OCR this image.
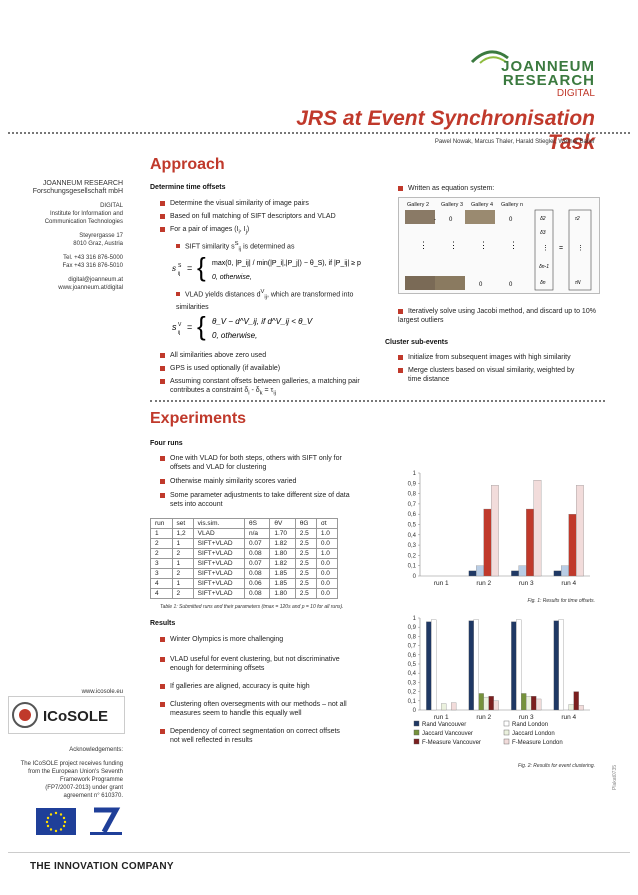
JOANNEUM
RESEARCH
DIGITAL
JRS at Event Synchronisation Task
Pawel Nowak, Marcus Thaler, Harald Stiegler, Werner Bailer
JOANNEUM RESEARCH
Forschungsgesellschaft mbH
DIGITAL
Institute for Information and
Communication Technologies
Steyrergasse 17
8010 Graz, Austria
Tel. +43 316 876-5000
Fax +43 316 876-5010
digital@joanneum.at
www.joanneum.at/digital
www.icosole.eu
ICoSOLE
Acknowledgements:
The ICoSOLE project receives funding
from the European Union's Seventh
Framework Programme
(FP7/2007-2013) under grant
agreement n° 610370.
Approach
Determine time offsets
Determine the visual similarity of image pairs
Based on full matching of SIFT descriptors and VLAD
For a pair of images ($I_i$, $I_j$)
SIFT similarity $s^S_{ij}$ is determined as
s S
ij
= { max(0, |P_ij| / min(|P_i|,|P_j|) − θ_S), if |P_ij| ≥ p
0, otherwise,
VLAD yields distances $d^V_{ij}$, which are transformed into similarities
s V
ij
= { θ_V − d^V_ij, if d^V_ij < θ_V
0, otherwise,
All similarities above zero used
GPS is used optionally (if available)
Assuming constant offsets between galleries, a matching pair
contributes a constraint $\delta_i - \delta_k = \tau_{ij}$
Written as equation system:
Gallery 2 Gallery 3 Gallery 4 Gallery n
0
-	0
⋮ ⋮ ⋮ ⋮
0	0
δ2
δ3
⋮
δn-1
δn
=
τ2
⋮
τN
Iteratively solve using Jacobi method, and discard up to 10% largest outliers
Cluster sub-events
Initialize from subsequent images with high similarity
Merge clusters based on visual similarity, weighted by
time distance
Experiments
Four runs
One with VLAD for both steps, others with SIFT only for
offsets and VLAD for clustering
Otherwise mainly similarity scores varied
Some parameter adjustments to take different size of data
sets into account
run	set	vis.sim.	θS	θV	θG	σt
1	1,2	VLAD	n/a	1.70	2.5	1.0
2	1	SIFT+VLAD	0.07	1.82	2.5	0.0
2	2	SIFT+VLAD	0.08	1.80	2.5	1.0
3	1	SIFT+VLAD	0.07	1.82	2.5	0.0
3	2	SIFT+VLAD	0.08	1.85	2.5	0.0
4	1	SIFT+VLAD	0.06	1.85	2.5	0.0
4	2	SIFT+VLAD	0.08	1.80	2.5	0.0
Table 1: Submitted runs and their parameters (tmax = 120s and p = 10 for all runs).
Results
Winter Olympics is more challenging
VLAD useful for event clustering, but not discriminative
enough for determining offsets
If galleries are aligned, accuracy is quite high
Clustering often oversegments with our methods – not all
measures seem to handle this equally well
Dependency of correct segmentation on correct offsets
not well reflected in results
0
0,1
0,2
0,3
0,4
0,5
0,6
0,7
0,8
0,9
1
run 1	run 2	run 3	run 4
Fig. 1: Results for time offsets.
0
0,1
0,2
0,3
0,4
0,5
0,6
0,7
0,8
0,9
1
run 1	run 2	run 3	run 4
Rand Vancouver	Rand London
Jaccard Vancouver	Jaccard London
F-Measure Vancouver	F-Measure London
Fig. 2: Results for event clustering.	Plakat0735
THE INNOVATION COMPANY
